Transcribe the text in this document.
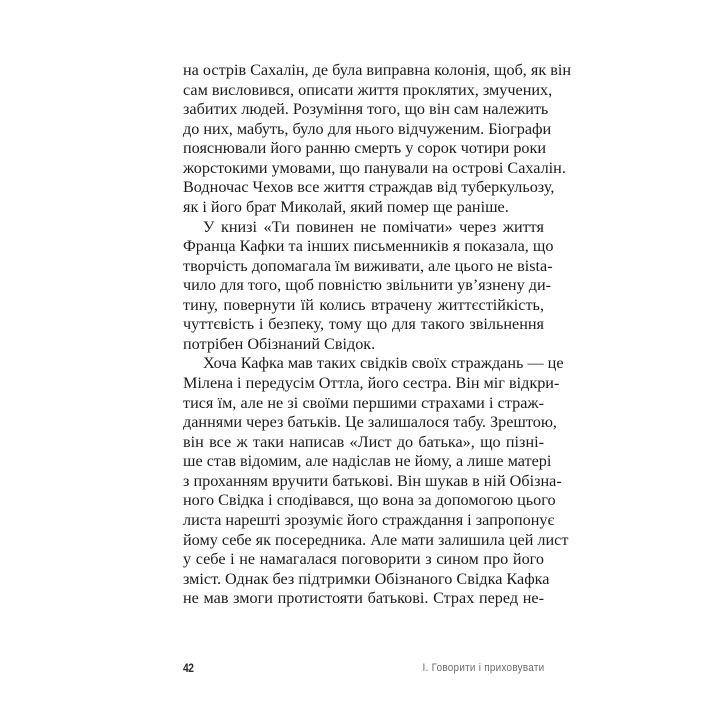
на острів Сахалін, де була виправна колонія, щоб, як він
сам висловився, описати життя проклятих, змучених,
забитих людей. Розуміння того, що він сам належить
до них, мабуть, було для нього відчуженим. Біографи
пояснювали його ранню смерть у сорок чотири роки
жорстокими умовами, що панували на острові Сахалін.
Водночас Чехов все життя страждав від туберкульозу,
як і його брат Миколай, який помер ще раніше.
У книзі «Ти повинен не помічати» через життя
Франца Кафки та інших письменників я показала, що
творчість допомагала їм виживати, але цього не вista-
чило для того, щоб повністю звільнити ув’язнену ди-
тину, повернути їй колись втрачену життєстійкість,
чуттєвість і безпеку, тому що для такого звільнення
потрібен Обізнаний Свідок.
Хоча Кафка мав таких свідків своїх страждань — це
Мілена і передусім Оттла, його сестра. Він міг відкри-
тися їм, але не зі своїми першими страхами і страж-
даннями через батьків. Це залишалося табу. Зрештою,
він все ж таки написав «Лист до батька», що пізні-
ше став відомим, але надіслав не йому, а лише матері
з проханням вручити батькові. Він шукав в ній Обізна-
ного Свідка і сподівався, що вона за допомогою цього
листа нарешті зрозуміє його страждання і запропонує
йому себе як посередника. Але мати залишила цей лист
у себе і не намагалася поговорити з сином про його
зміст. Однак без підтримки Обізнаного Свідка Кафка
не мав змоги протистояти батькові. Страх перед не-
42	I. Говорити і приховувати
